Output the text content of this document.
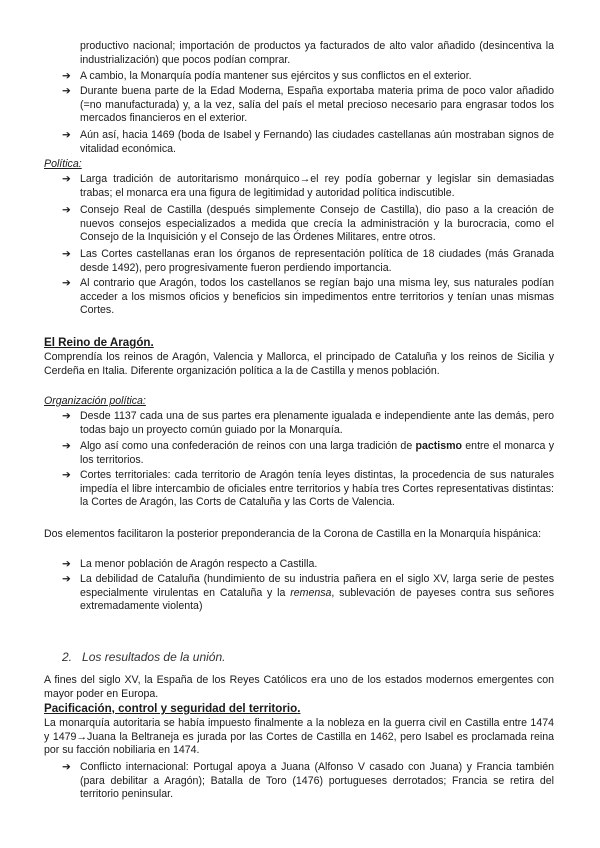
productivo nacional; importación de productos ya facturados de alto valor añadido (desincentiva la industrialización) que pocos podían comprar.
➔ A cambio, la Monarquía podía mantener sus ejércitos y sus conflictos en el exterior.
➔ Durante buena parte de la Edad Moderna, España exportaba materia prima de poco valor añadido (=no manufacturada) y, a la vez, salía del país el metal precioso necesario para engrasar todos los mercados financieros en el exterior.
➔ Aún así, hacia 1469 (boda de Isabel y Fernando) las ciudades castellanas aún mostraban signos de vitalidad económica.
Política:
➔ Larga tradición de autoritarismo monárquico→el rey podía gobernar y legislar sin demasiadas trabas; el monarca era una figura de legitimidad y autoridad política indiscutible.
➔ Consejo Real de Castilla (después simplemente Consejo de Castilla), dio paso a la creación de nuevos consejos especializados a medida que crecía la administración y la burocracia, como el Consejo de la Inquisición y el Consejo de las Órdenes Militares, entre otros.
➔ Las Cortes castellanas eran los órganos de representación política de 18 ciudades (más Granada desde 1492), pero progresivamente fueron perdiendo importancia.
➔ Al contrario que Aragón, todos los castellanos se regían bajo una misma ley, sus naturales podían acceder a los mismos oficios y beneficios sin impedimentos entre territorios y tenían unas mismas Cortes.
El Reino de Aragón.
Comprendía los reinos de Aragón, Valencia y Mallorca, el principado de Cataluña y los reinos de Sicilia y Cerdeña en Italia. Diferente organización política a la de Castilla y menos población.
Organización política:
➔ Desde 1137 cada una de sus partes era plenamente igualada e independiente ante las demás, pero todas bajo un proyecto común guiado por la Monarquía.
➔ Algo así como una confederación de reinos con una larga tradición de pactismo entre el monarca y los territorios.
➔ Cortes territoriales: cada territorio de Aragón tenía leyes distintas, la procedencia de sus naturales impedía el libre intercambio de oficiales entre territorios y había tres Cortes representativas distintas: la Cortes de Aragón, las Corts de Cataluña y las Corts de Valencia.
Dos elementos facilitaron la posterior preponderancia de la Corona de Castilla en la Monarquía hispánica:
➔ La menor población de Aragón respecto a Castilla.
➔ La debilidad de Cataluña (hundimiento de su industria pañera en el siglo XV, larga serie de pestes especialmente virulentas en Cataluña y la remensa, sublevación de payeses contra sus señores extremadamente violenta)
2. Los resultados de la unión.
A fines del siglo XV, la España de los Reyes Católicos era uno de los estados modernos emergentes con mayor poder en Europa.
Pacificación, control y seguridad del territorio.
La monarquía autoritaria se había impuesto finalmente a la nobleza en la guerra civil en Castilla entre 1474 y 1479→Juana la Beltraneja es jurada por las Cortes de Castilla en 1462, pero Isabel es proclamada reina por su facción nobiliaria en 1474.
➔ Conflicto internacional: Portugal apoya a Juana (Alfonso V casado con Juana) y Francia también (para debilitar a Aragón); Batalla de Toro (1476) portugueses derrotados; Francia se retira del territorio peninsular.
